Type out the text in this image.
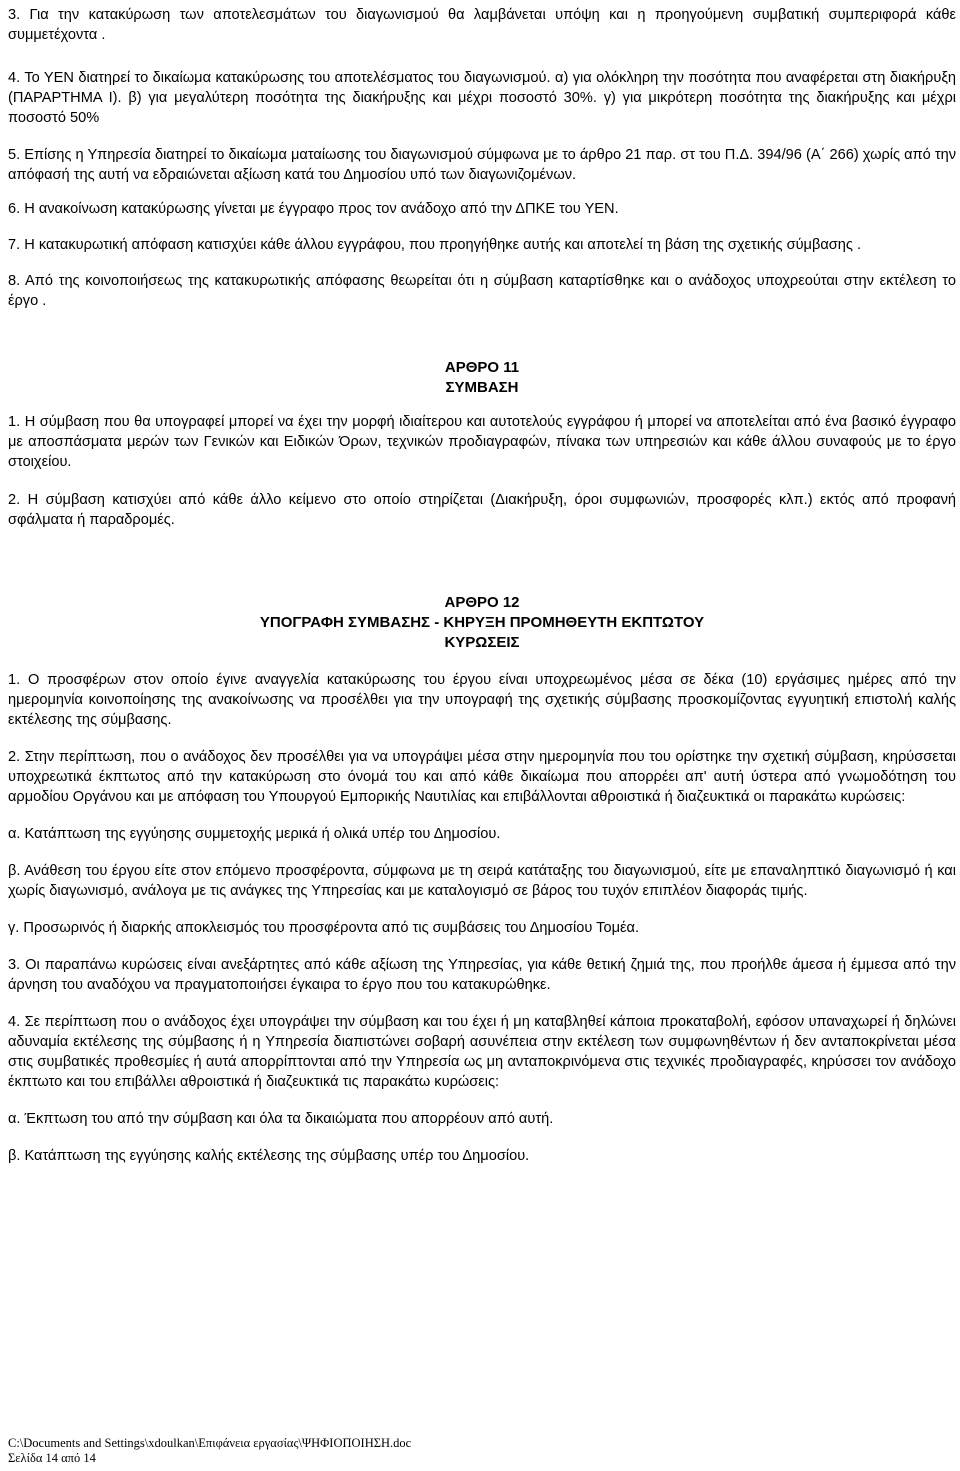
3. Για την κατακύρωση των αποτελεσμάτων του διαγωνισμού θα λαμβάνεται υπόψη και η προηγούμενη συμβατική συμπεριφορά κάθε συμμετέχοντα .

4. Το ΥΕΝ διατηρεί το δικαίωμα κατακύρωσης του αποτελέσματος του διαγωνισμού. α) για ολόκληρη την ποσότητα που αναφέρεται στη διακήρυξη (ΠΑΡΑΡΤΗΜΑ Ι). β) για μεγαλύτερη ποσότητα της διακήρυξης και μέχρι ποσοστό 30%. γ) για μικρότερη ποσότητα της διακήρυξης και μέχρι ποσοστό 50%

5. Επίσης η Υπηρεσία διατηρεί το δικαίωμα ματαίωσης του διαγωνισμού σύμφωνα με το άρθρο 21 παρ. στ του Π.Δ. 394/96 (Α΄ 266) χωρίς από την απόφασή της αυτή να εδραιώνεται αξίωση κατά του Δημοσίου υπό των διαγωνιζομένων.

6. Η ανακοίνωση κατακύρωσης γίνεται με έγγραφο προς τον ανάδοχο από την ΔΠΚΕ του ΥΕΝ.

7. Η κατακυρωτική απόφαση κατισχύει κάθε άλλου εγγράφου, που προηγήθηκε αυτής και αποτελεί τη βάση της σχετικής σύμβασης .

8. Από της κοινοποιήσεως της κατακυρωτικής απόφασης θεωρείται ότι η σύμβαση καταρτίσθηκε και ο ανάδοχος υποχρεούται στην εκτέλεση το έργο .

ΑΡΘΡΟ 11

ΣΥΜΒΑΣΗ

1. Η σύμβαση που θα υπογραφεί μπορεί να έχει την μορφή ιδιαίτερου και αυτοτελούς εγγράφου ή μπορεί να αποτελείται από ένα βασικό έγγραφο με αποσπάσματα μερών των Γενικών και Ειδικών Όρων, τεχνικών προδιαγραφών, πίνακα των υπηρεσιών και κάθε άλλου συναφούς με το έργο στοιχείου.

2. Η σύμβαση κατισχύει από κάθε άλλο κείμενο στο οποίο στηρίζεται (Διακήρυξη, όροι συμφωνιών, προσφορές κλπ.) εκτός από προφανή σφάλματα ή παραδρομές.

ΑΡΘΡΟ 12

ΥΠΟΓΡΑΦΗ ΣΥΜΒΑΣΗΣ - ΚΗΡΥΞΗ ΠΡΟΜΗΘΕΥΤΗ ΕΚΠΤΩΤΟΥ

ΚΥΡΩΣΕΙΣ

1. Ο προσφέρων στον οποίο έγινε αναγγελία κατακύρωσης του έργου είναι υποχρεωμένος μέσα σε δέκα (10) εργάσιμες ημέρες από την ημερομηνία κοινοποίησης της ανακοίνωσης να προσέλθει για την υπογραφή της σχετικής σύμβασης προσκομίζοντας εγγυητική επιστολή καλής εκτέλεσης της σύμβασης.

2. Στην περίπτωση, που ο ανάδοχος δεν προσέλθει για να υπογράψει μέσα στην ημερομηνία που του ορίστηκε την σχετική σύμβαση, κηρύσσεται υποχρεωτικά έκπτωτος από την κατακύρωση στο όνομά του και από κάθε δικαίωμα που απορρέει απ' αυτή ύστερα από γνωμοδότηση του αρμοδίου Οργάνου και με απόφαση του Υπουργού Εμπορικής Ναυτιλίας και επιβάλλονται αθροιστικά ή διαζευκτικά οι παρακάτω κυρώσεις:

α. Κατάπτωση της εγγύησης συμμετοχής μερικά ή ολικά υπέρ του Δημοσίου.

β. Ανάθεση του έργου είτε στον επόμενο προσφέροντα, σύμφωνα με τη σειρά κατάταξης του διαγωνισμού, είτε με επαναληπτικό διαγωνισμό ή και χωρίς διαγωνισμό, ανάλογα με τις ανάγκες της Υπηρεσίας και με καταλογισμό σε βάρος του τυχόν επιπλέον διαφοράς τιμής.

γ. Προσωρινός ή διαρκής αποκλεισμός του προσφέροντα από τις συμβάσεις του Δημοσίου Τομέα.

3. Οι παραπάνω κυρώσεις είναι ανεξάρτητες από κάθε αξίωση της Υπηρεσίας, για κάθε θετική ζημιά της, που προήλθε άμεσα ή έμμεσα από την άρνηση του αναδόχου να πραγματοποιήσει έγκαιρα το έργο που του κατακυρώθηκε.

4. Σε περίπτωση που ο ανάδοχος έχει υπογράψει την σύμβαση και του έχει ή μη καταβληθεί κάποια προκαταβολή, εφόσον υπαναχωρεί ή δηλώνει αδυναμία εκτέλεσης της σύμβασης ή η Υπηρεσία διαπιστώνει σοβαρή ασυνέπεια στην εκτέλεση των συμφωνηθέντων ή δεν ανταποκρίνεται μέσα στις συμβατικές προθεσμίες ή αυτά απορρίπτονται από την Υπηρεσία ως μη ανταποκρινόμενα στις τεχνικές προδιαγραφές, κηρύσσει τον ανάδοχο έκπτωτο και του επιβάλλει αθροιστικά ή διαζευκτικά τις παρακάτω κυρώσεις:

α. Έκπτωση του από την σύμβαση και όλα τα δικαιώματα που απορρέουν από αυτή.

β. Κατάπτωση της εγγύησης καλής εκτέλεσης της σύμβασης υπέρ του Δημοσίου.

C:\Documents and Settings\xdoulkan\Επιφάνεια εργασίας\ΨΗΦΙΟΠΟΙΗΣΗ.doc
Σελίδα 14 από 14
